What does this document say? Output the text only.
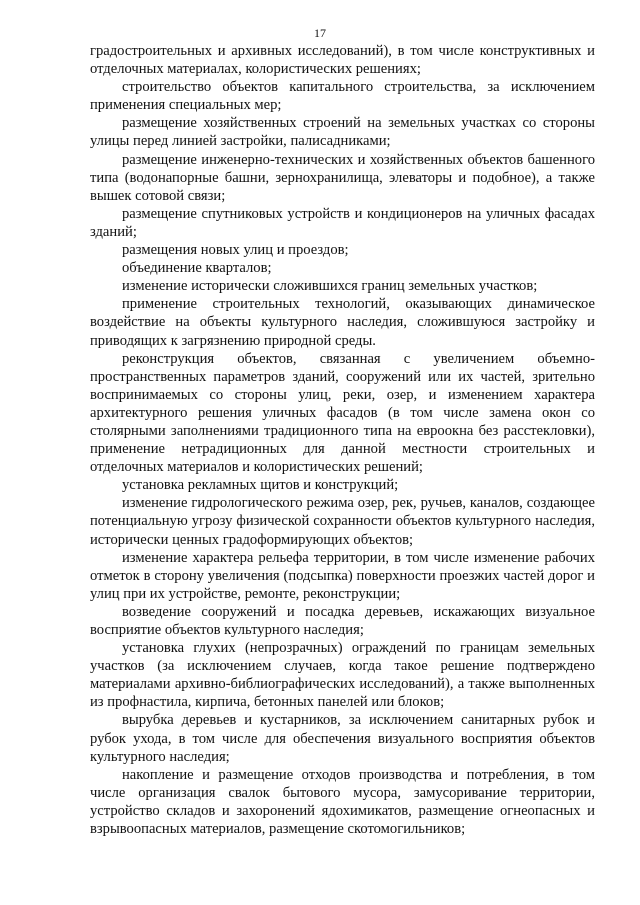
17

градостроительных и архивных исследований), в том числе конструктивных и отделочных материалах, колористических решениях;

строительство объектов капитального строительства, за исключением применения специальных мер;

размещение хозяйственных строений на земельных участках со стороны улицы перед линией застройки, палисадниками;

размещение инженерно-технических и хозяйственных объектов башенного типа (водонапорные башни, зернохранилища, элеваторы и подобное), а также вышек сотовой связи;

размещение спутниковых устройств и кондиционеров на уличных фасадах зданий;

размещения новых улиц и проездов;

объединение кварталов;

изменение исторически сложившихся границ земельных участков;

применение строительных технологий, оказывающих динамическое воздействие на объекты культурного наследия, сложившуюся застройку и приводящих к загрязнению природной среды.

реконструкция объектов, связанная с увеличением объемно-пространственных параметров зданий, сооружений или их частей, зрительно воспринимаемых со стороны улиц, реки, озер, и изменением характера архитектурного решения уличных фасадов (в том числе замена окон со столярными заполнениями традиционного типа на евроокна без расстекловки), применение нетрадиционных для данной местности строительных и отделочных материалов и колористических решений;

установка рекламных щитов и конструкций;

изменение гидрологического режима озер, рек, ручьев, каналов, создающее потенциальную угрозу физической сохранности объектов культурного наследия, исторически ценных градоформирующих объектов;

изменение характера рельефа территории, в том числе изменение рабочих отметок в сторону увеличения (подсыпка) поверхности проезжих частей дорог и улиц при их устройстве, ремонте, реконструкции;

возведение сооружений и посадка деревьев, искажающих визуальное восприятие объектов культурного наследия;

установка глухих (непрозрачных) ограждений по границам земельных участков (за исключением случаев, когда такое решение подтверждено материалами архивно-библиографических исследований), а также выполненных из профнастила, кирпича, бетонных панелей или блоков;

вырубка деревьев и кустарников, за исключением санитарных рубок и рубок ухода, в том числе для обеспечения визуального восприятия объектов культурного наследия;

накопление и размещение отходов производства и потребления, в том числе организация свалок бытового мусора, замусоривание территории, устройство складов и захоронений ядохимикатов, размещение огнеопасных и взрывоопасных материалов, размещение скотомогильников;
